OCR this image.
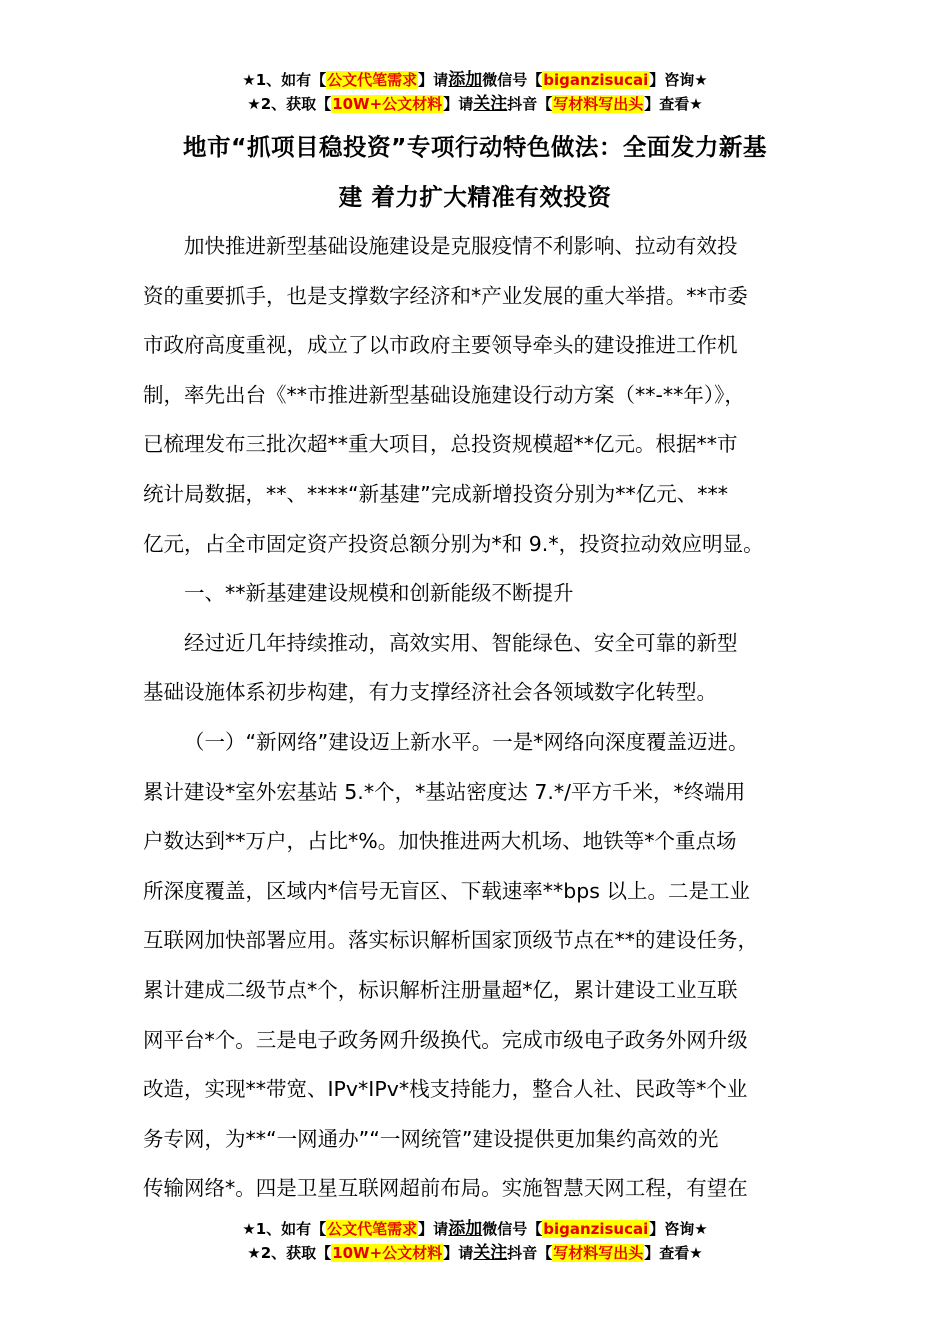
★1、如有【公文代笔需求】请添加微信号【biganzisucai】咨询★
★2、获取【10W+公文材料】请关注抖音【写材料写出头】查看★
地市“抓项目稳投资”专项行动特色做法：全面发力新基
建 着力扩大精准有效投资

加快推进新型基础设施建设是克服疫情不利影响、拉动有效投
资的重要抓手，也是支撑数字经济和*产业发展的重大举措。**市委
市政府高度重视，成立了以市政府主要领导牵头的建设推进工作机
制，率先出台《**市推进新型基础设施建设行动方案（**-**年）》，
已梳理发布三批次超**重大项目，总投资规模超**亿元。根据**市
统计局数据，**、****“新基建”完成新增投资分别为**亿元、***
亿元，占全市固定资产投资总额分别为*和 9.*，投资拉动效应明显。

一、**新基建建设规模和创新能级不断提升

经过近几年持续推动，高效实用、智能绿色、安全可靠的新型
基础设施体系初步构建，有力支撑经济社会各领域数字化转型。

（一）“新网络”建设迈上新水平。一是*网络向深度覆盖迈进。
累计建设*室外宏基站 5.*个，*基站密度达 7.*/平方千米，*终端用
户数达到**万户，占比*%。加快推进两大机场、地铁等*个重点场
所深度覆盖，区域内*信号无盲区、下载速率**bps 以上。二是工业
互联网加快部署应用。落实标识解析国家顶级节点在**的建设任务，
累计建成二级节点*个，标识解析注册量超*亿，累计建设工业互联
网平台*个。三是电子政务网升级换代。完成市级电子政务外网升级
改造，实现**带宽、IPv*IPv*栈支持能力，整合人社、民政等*个业
务专网，为**“一网通办”“一网统管”建设提供更加集约高效的光
传输网络*。四是卫星互联网超前布局。实施智慧天网工程，有望在

★1、如有【公文代笔需求】请添加微信号【biganzisucai】咨询★
★2、获取【10W+公文材料】请关注抖音【写材料写出头】查看★
